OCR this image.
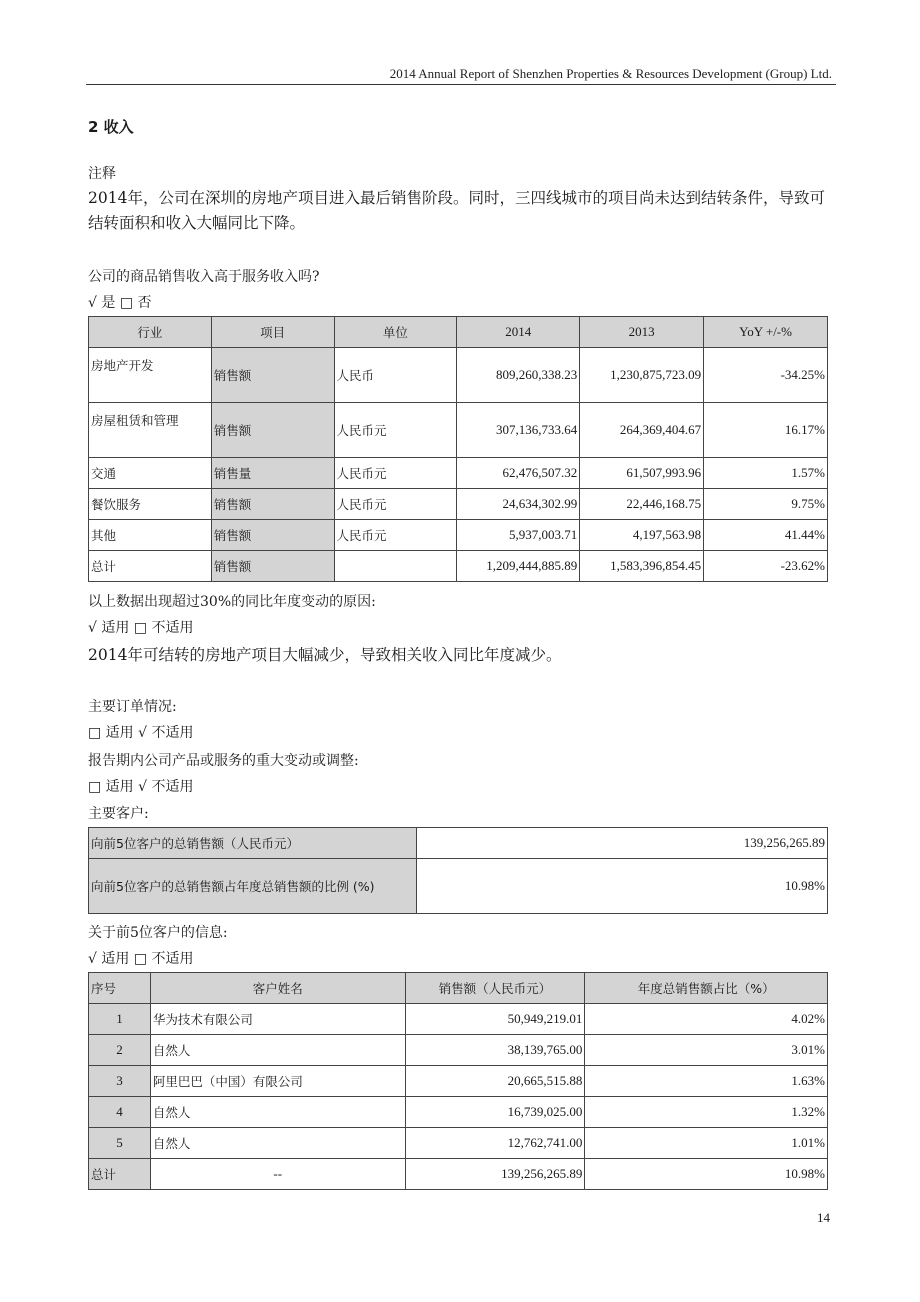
2014 Annual Report of Shenzhen Properties & Resources Development (Group) Ltd.
2 收入
注释
2014年，公司在深圳的房地产项目进入最后销售阶段。同时，三四线城市的项目尚未达到结转条件，导致可结转面积和收入大幅同比下降。
公司的商品销售收入高于服务收入吗?
√ 是 □ 否
行业	项目	单位	2014	2013	YoY +/-%
房地产开发	销售额	人民币	809,260,338.23	1,230,875,723.09	-34.25%
房屋租赁和管理	销售额	人民币元	307,136,733.64	264,369,404.67	16.17%
交通	销售量	人民币元	62,476,507.32	61,507,993.96	1.57%
餐饮服务	销售额	人民币元	24,634,302.99	22,446,168.75	9.75%
其他	销售额	人民币元	5,937,003.71	4,197,563.98	41.44%
总计	销售额		1,209,444,885.89	1,583,396,854.45	-23.62%
以上数据出现超过30%的同比年度变动的原因:
√ 适用 □ 不适用
2014年可结转的房地产项目大幅减少，导致相关收入同比年度减少。
主要订单情况:
□ 适用 √ 不适用
报告期内公司产品或服务的重大变动或调整:
□ 适用 √ 不适用
主要客户:
向前5位客户的总销售额（人民币元）	139,256,265.89
向前5位客户的总销售额占年度总销售额的比例 (%)	10.98%
关于前5位客户的信息:
√ 适用 □ 不适用
序号	客户姓名	销售额（人民币元）	年度总销售额占比（%）
1	华为技术有限公司	50,949,219.01	4.02%
2	自然人	38,139,765.00	3.01%
3	阿里巴巴（中国）有限公司	20,665,515.88	1.63%
4	自然人	16,739,025.00	1.32%
5	自然人	12,762,741.00	1.01%
总计	--	139,256,265.89	10.98%
14
